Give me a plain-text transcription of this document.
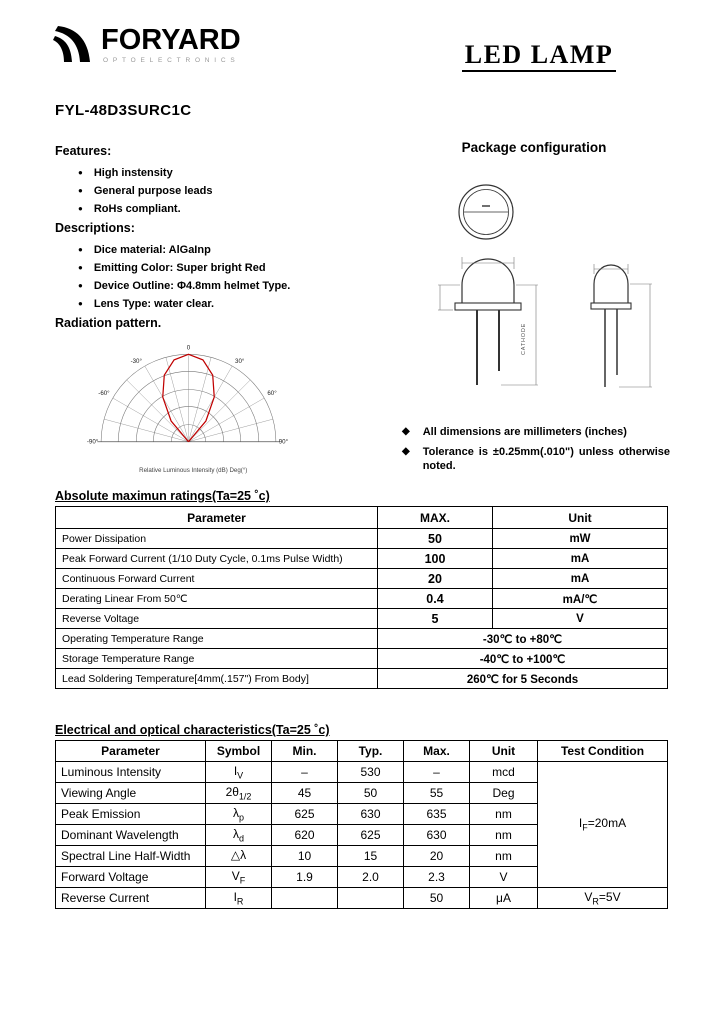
FORYARD
OPTOELECTRONICS	LED LAMP
FYL-48D3SURC1C
Features:
● High instensity
● General purpose leads
● RoHs compliant.
Descriptions:
● Dice material: AlGaInp
● Emitting Color: Super bright Red
● Device Outline: Φ4.8mm helmet Type.
● Lens Type: water clear.
Radiation pattern.
-90°
-60°
-30°
0
30°
60°
90°
Relative Luminous Intensity (dB) Deg(°)
Package configuration
CATHODE
◆ All dimensions are millimeters (inches)
◆ Tolerance is ±0.25mm(.010") unless otherwise noted.
Absolute maximun ratings(Ta=25 ˚c)
Parameter	MAX.	Unit
Power Dissipation	50	mW
Peak Forward Current (1/10 Duty Cycle, 0.1ms Pulse Width)	100	mA
Continuous Forward Current	20	mA
Derating Linear From 50℃	0.4	mA/℃
Reverse Voltage	5	V
Operating Temperature Range	-30℃ to +80℃	
Storage Temperature Range	-40℃ to +100℃	
Lead Soldering Temperature[4mm(.157") From Body]	260℃ for 5 Seconds	
Electrical and optical characteristics(Ta=25 ˚c)
Parameter	Symbol	Min.	Typ.	Max.	Unit	Test Condition
Luminous Intensity	$I_V$	–	530	–	mcd	$I_F=20mA$
Viewing Angle	$2\theta_{1/2}$	45	50	55	Deg	
Peak Emission	$\lambda_p$	625	630	635	nm	
Dominant Wavelength	$\lambda_d$	620	625	630	nm	
Spectral Line Half-Width	△λ	10	15	20	nm	
Forward Voltage	$V_F$	1.9	2.0	2.3	V	
Reverse Current	$I_R$			50	μA	$V_R=5V$
